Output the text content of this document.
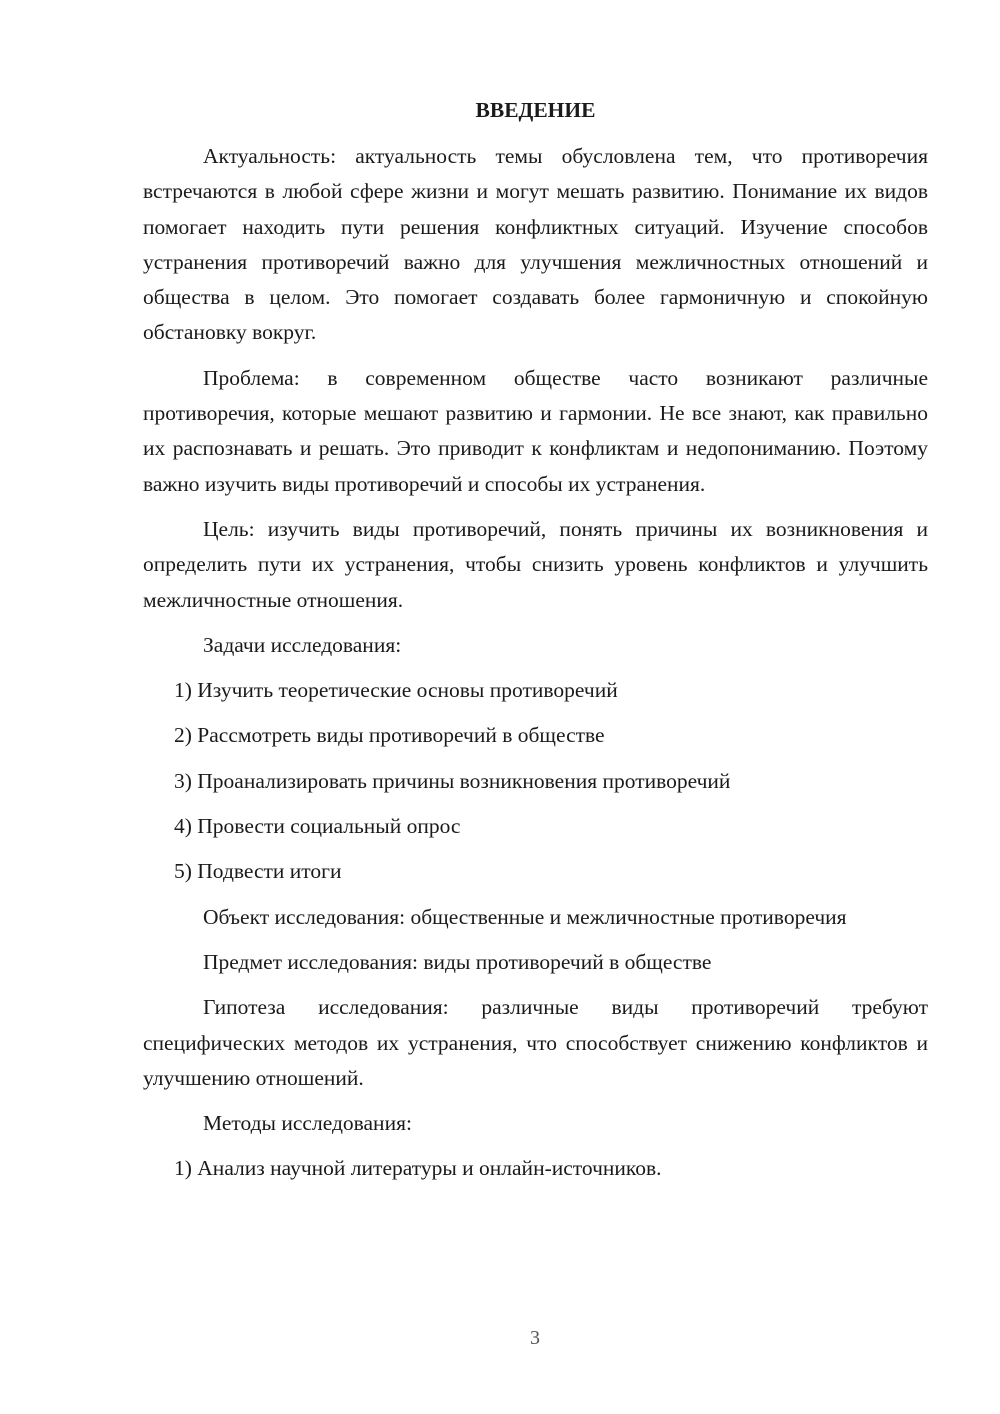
ВВЕДЕНИЕ

Актуальность: актуальность темы обусловлена тем, что противоречия встречаются в любой сфере жизни и могут мешать развитию. Понимание их видов помогает находить пути решения конфликтных ситуаций. Изучение способов устранения противоречий важно для улучшения межличностных отношений и общества в целом. Это помогает создавать более гармоничную и спокойную обстановку вокруг.

Проблема: в современном обществе часто возникают различные противоречия, которые мешают развитию и гармонии. Не все знают, как правильно их распознавать и решать. Это приводит к конфликтам и недопониманию. Поэтому важно изучить виды противоречий и способы их устранения.

Цель: изучить виды противоречий, понять причины их возникновения и определить пути их устранения, чтобы снизить уровень конфликтов и улучшить межличностные отношения.

Задачи исследования:

1) Изучить теоретические основы противоречий
2) Рассмотреть виды противоречий в обществе
3) Проанализировать причины возникновения противоречий
4) Провести социальный опрос
5) Подвести итоги

Объект исследования: общественные и межличностные противоречия

Предмет исследования: виды противоречий в обществе

Гипотеза исследования: различные виды противоречий требуют специфических методов их устранения, что способствует снижению конфликтов и улучшению отношений.

Методы исследования:

1) Анализ научной литературы и онлайн-источников.
3
